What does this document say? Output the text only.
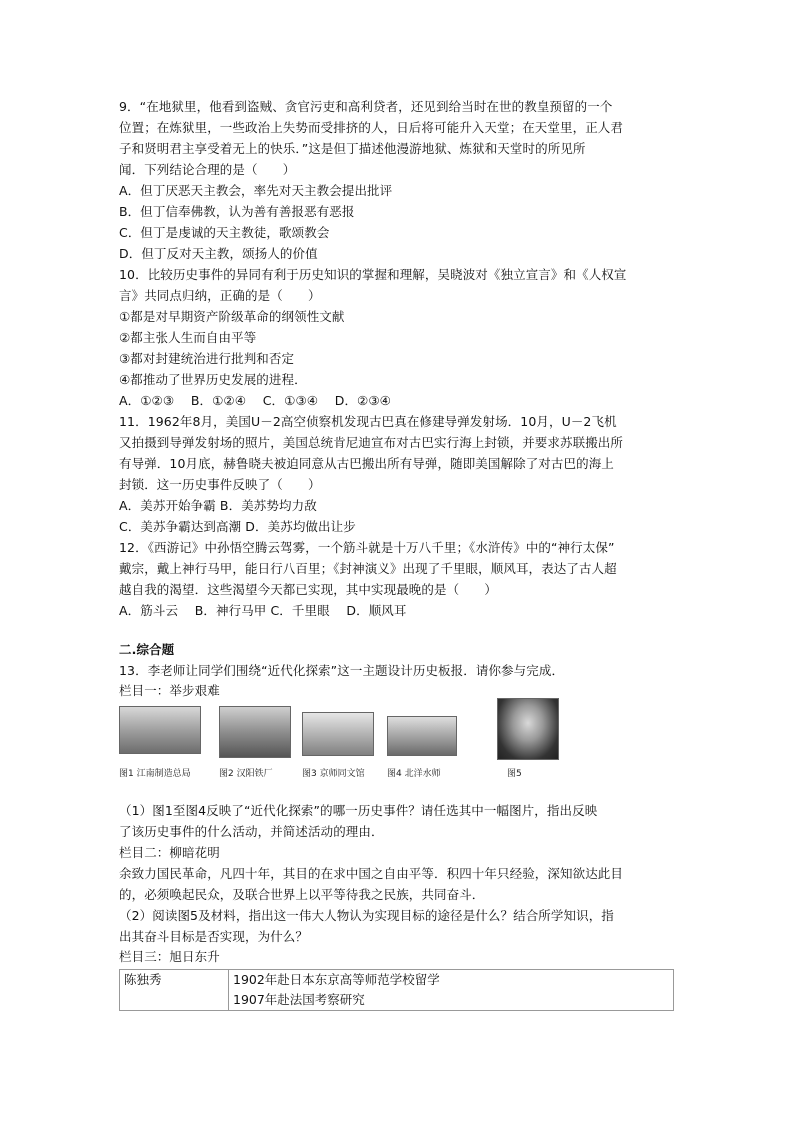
9．“在地狱里，他看到盗贼、贪官污吏和高利贷者，还见到给当时在世的教皇预留的一个
位置；在炼狱里，一些政治上失势而受排挤的人，日后将可能升入天堂；在天堂里，正人君
子和贤明君主享受着无上的快乐．”这是但丁描述他漫游地狱、炼狱和天堂时的所见所
闻．下列结论合理的是（　　）
A．但丁厌恶天主教会，率先对天主教会提出批评
B．但丁信奉佛教，认为善有善报恶有恶报
C．但丁是虔诚的天主教徒，歌颂教会
D．但丁反对天主教，颂扬人的价值
10．比较历史事件的异同有利于历史知识的掌握和理解，吴晓波对《独立宣言》和《人权宣
言》共同点归纳，正确的是（　　）
①都是对早期资产阶级革命的纲领性文献
②都主张人生而自由平等
③都对封建统治进行批判和否定
④都推动了世界历史发展的进程．
A．①②③　 B．①②④　 C．①③④　 D．②③④
11．1962年8月，美国U－2高空侦察机发现古巴真在修建导弹发射场．10月，U－2飞机
又拍摄到导弹发射场的照片，美国总统肯尼迪宣布对古巴实行海上封锁，并要求苏联搬出所
有导弹．10月底，赫鲁晓夫被迫同意从古巴搬出所有导弹，随即美国解除了对古巴的海上
封锁．这一历史事件反映了（　　）
A．美苏开始争霸 B．美苏势均力敌
C．美苏争霸达到高潮 D．美苏均做出让步
12．《西游记》中孙悟空腾云驾雾，一个筋斗就是十万八千里；《水浒传》中的“神行太保”
戴宗，戴上神行马甲，能日行八百里；《封神演义》出现了千里眼，顺风耳，表达了古人超
越自我的渴望．这些渴望今天都已实现，其中实现最晚的是（　　）
A．筋斗云　 B．神行马甲 C．千里眼　 D．顺风耳
二.综合题
13．李老师让同学们围绕“近代化探索”这一主题设计历史板报．请你参与完成．
栏目一：举步艰难
图1 江南制造总局	图2 汉阳铁厂	图3 京师同文馆 图4 北洋水师	图5
（1）图1至图4反映了“近代化探索”的哪一历史事件？请任选其中一幅图片，指出反映
了该历史事件的什么活动，并简述活动的理由．
栏目二：柳暗花明
余致力国民革命，凡四十年，其目的在求中国之自由平等．积四十年只经验，深知欲达此目
的，必须唤起民众，及联合世界上以平等待我之民族，共同奋斗．
（2）阅读图5及材料，指出这一伟大人物认为实现目标的途径是什么？结合所学知识，指
出其奋斗目标是否实现，为什么？
栏目三：旭日东升
陈独秀	1902年赴日本东京高等师范学校留学
1907年赴法国考察研究
